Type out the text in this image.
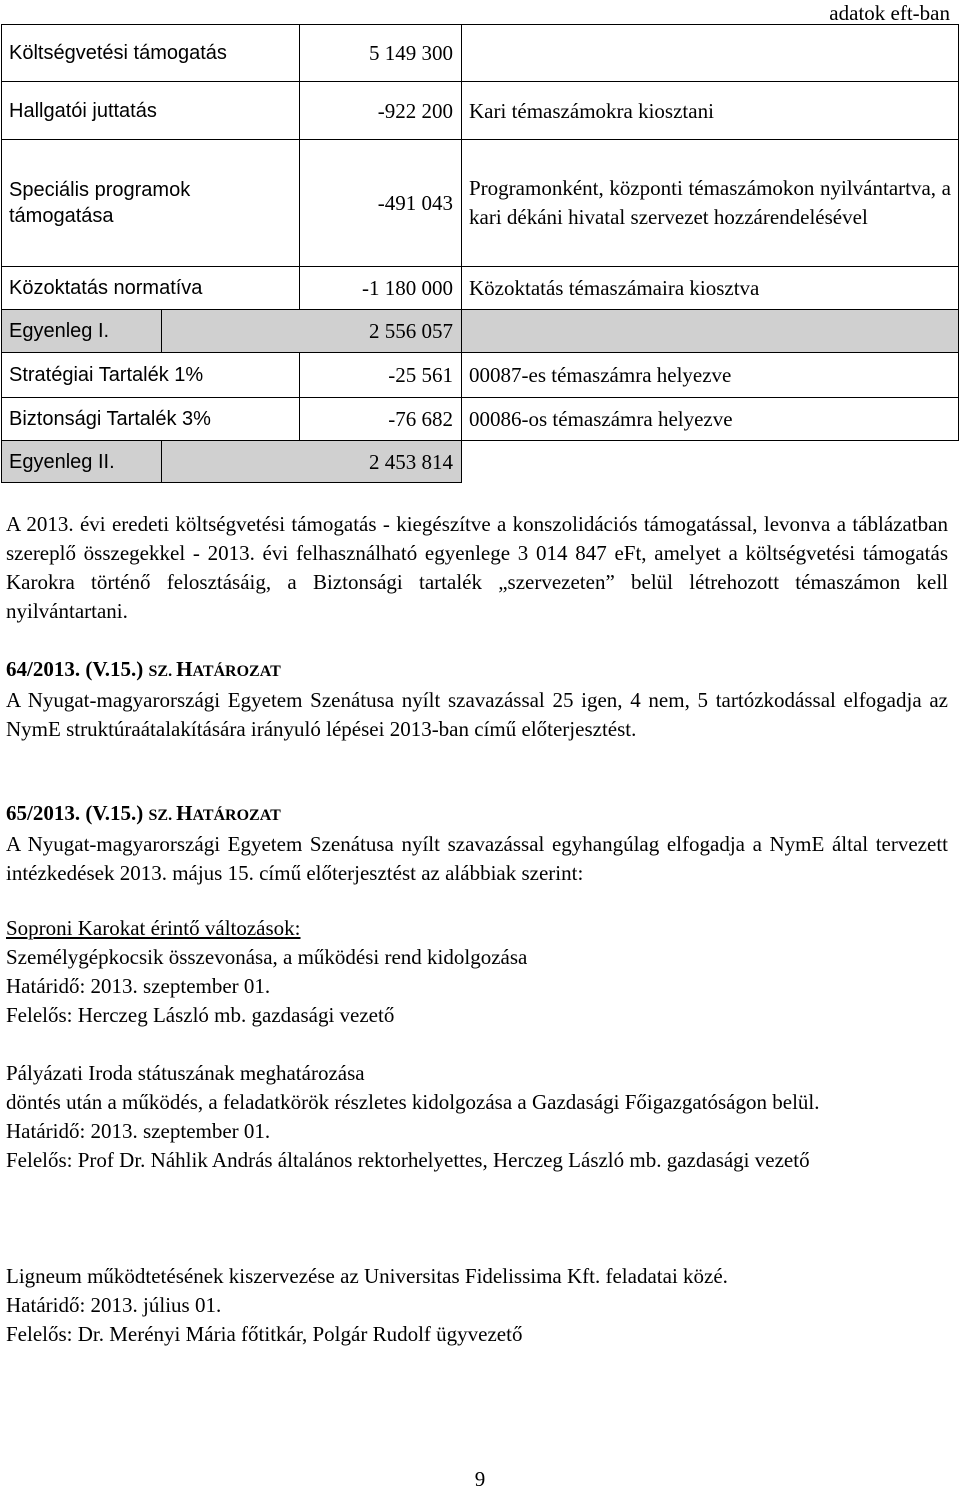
adatok eft-ban
Költségvetési támogatás		5 149 300	
Hallgatói juttatás		-922 200	Kari témaszámokra kiosztani
Speciális programok támogatása		-491 043	Programonként, központi témaszámokon nyilvántartva, a kari dékáni hivatal szervezet hozzárendelésével
Közoktatás normatíva		-1 180 000	Közoktatás témaszámaira kiosztva
Egyenleg I.	2 556 057		
Stratégiai Tartalék 1%		-25 561	00087-es témaszámra helyezve
Biztonsági Tartalék 3%		-76 682	00086-os témaszámra helyezve
Egyenleg II.	2 453 814		

A 2013. évi eredeti költségvetési támogatás - kiegészítve a konszolidációs támogatással, levonva a táblázatban szereplő összegekkel - 2013. évi felhasználható egyenlege 3 014 847 eFt, amelyet a költségvetési támogatás Karokra történő felosztásáig, a Biztonsági tartalék „szervezeten” belül létrehozott témaszámon kell nyilvántartani.

64/2013. (V.15.) SZ. HATÁROZAT

A Nyugat-magyarországi Egyetem Szenátusa nyílt szavazással 25 igen, 4 nem, 5 tartózkodással elfogadja az NymE struktúraátalakítására irányuló lépései 2013-ban című előterjesztést.

65/2013. (V.15.) SZ. HATÁROZAT

A Nyugat-magyarországi Egyetem Szenátusa nyílt szavazással egyhangúlag elfogadja a NymE által tervezett intézkedések 2013. május 15. című előterjesztést az alábbiak szerint:

Soproni Karokat érintő változások:

Személygépkocsik összevonása, a működési rend kidolgozása

Határidő: 2013. szeptember 01.

Felelős: Herczeg László mb. gazdasági vezető

Pályázati Iroda státuszának meghatározása

döntés után a működés, a feladatkörök részletes kidolgozása a Gazdasági Főigazgatóságon belül.

Határidő: 2013. szeptember 01.

Felelős: Prof Dr. Náhlik András általános rektorhelyettes, Herczeg László mb. gazdasági vezető

Ligneum működtetésének kiszervezése az Universitas Fidelissima Kft. feladatai közé.

Határidő: 2013. július 01.

Felelős: Dr. Merényi Mária főtitkár, Polgár Rudolf ügyvezető

9
